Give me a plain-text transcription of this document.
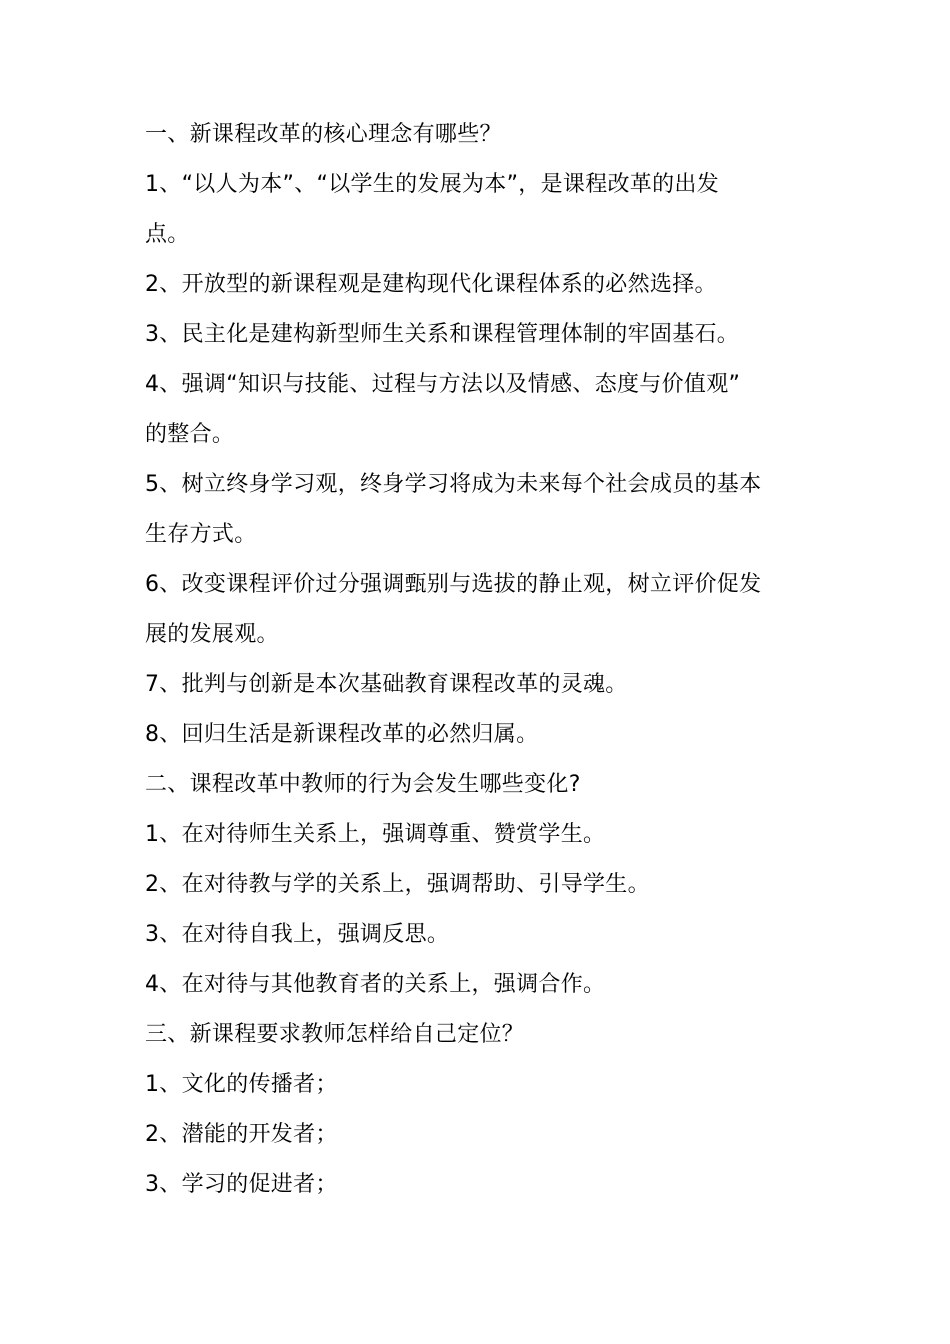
一、新课程改革的核心理念有哪些？
1、“以人为本”、“以学生的发展为本”，是课程改革的出发
点。
2、开放型的新课程观是建构现代化课程体系的必然选择。
3、民主化是建构新型师生关系和课程管理体制的牢固基石。
4、强调“知识与技能、过程与方法以及情感、态度与价值观”
的整合。
5、树立终身学习观，终身学习将成为未来每个社会成员的基本
生存方式。
6、改变课程评价过分强调甄别与选拔的静止观，树立评价促发
展的发展观。
7、批判与创新是本次基础教育课程改革的灵魂。
8、回归生活是新课程改革的必然归属。
二、课程改革中教师的行为会发生哪些变化?
1、在对待师生关系上，强调尊重、赞赏学生。
2、在对待教与学的关系上，强调帮助、引导学生。
3、在对待自我上，强调反思。
4、在对待与其他教育者的关系上，强调合作。
三、新课程要求教师怎样给自己定位？
1、文化的传播者；
2、潜能的开发者；
3、学习的促进者；
